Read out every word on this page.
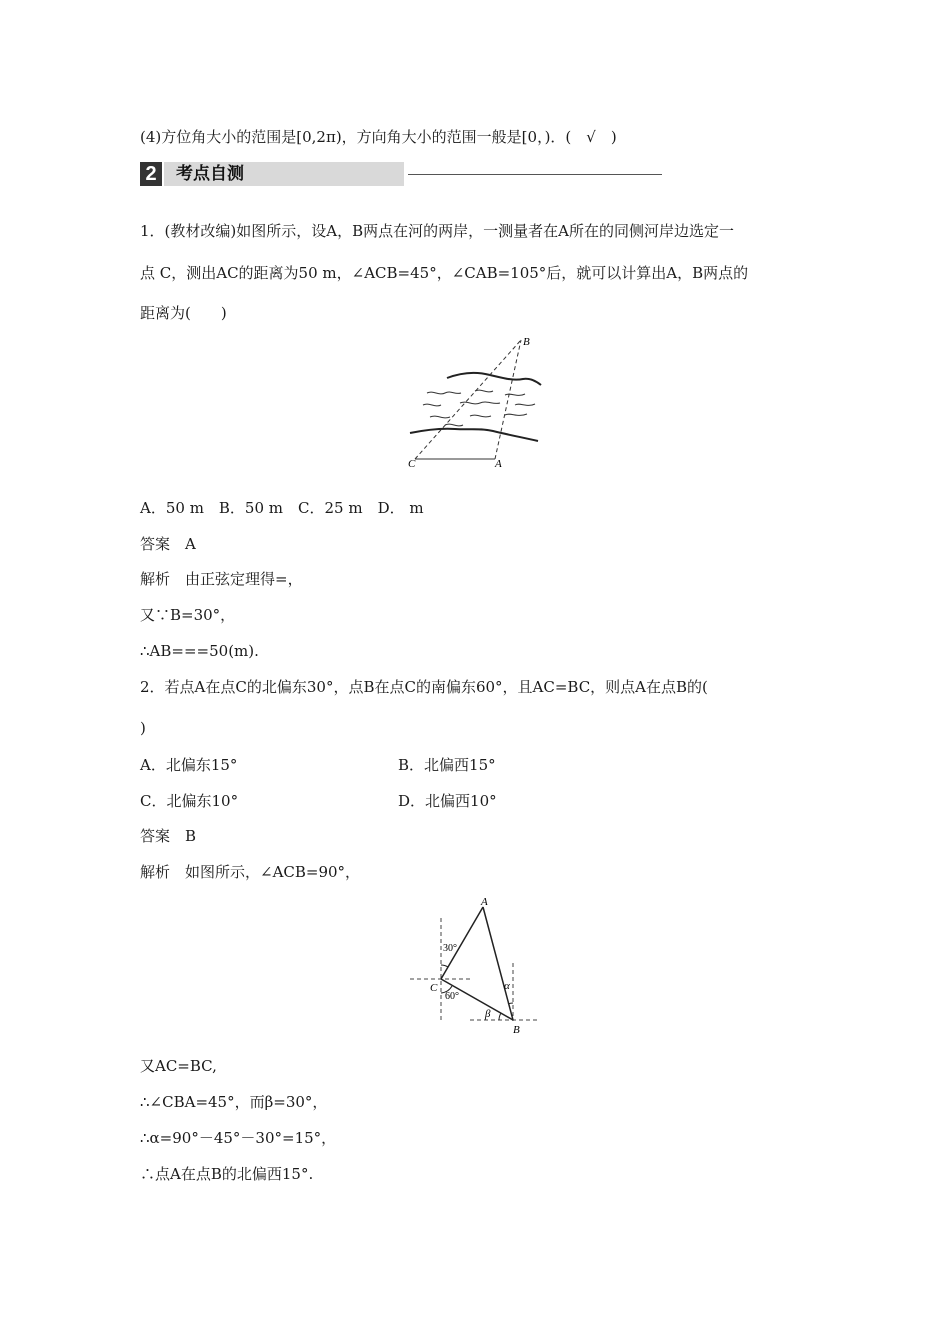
(4)方位角大小的范围是[0,2π)，方向角大小的范围一般是[0，)．(　√　)
2	考点自测
1．(教材改编)如图所示，设A，B两点在河的两岸，一测量者在A所在的同侧河岸边选定一
点 C，测出AC的距离为50 m，∠ACB=45°，∠CAB=105°后，就可以计算出A，B两点的
距离为(　　)
B
C	A
A．50 m　B．50 m　C．25 m　D． m
答案　A
解析　由正弦定理得=，
又∵B=30°，
∴AB===50(m).
2．若点A在点C的北偏东30°，点B在点C的南偏东60°，且AC=BC，则点A在点B的(
)
A．北偏东15°	B．北偏西15°
C．北偏东10°	D．北偏西10°
答案　B
解析　如图所示，∠ACB=90°，
A
C
B
30°
60°
α
β
又AC=BC,
∴∠CBA=45°，而β=30°，
∴α=90°－45°－30°=15°，
∴点A在点B的北偏西15°.
